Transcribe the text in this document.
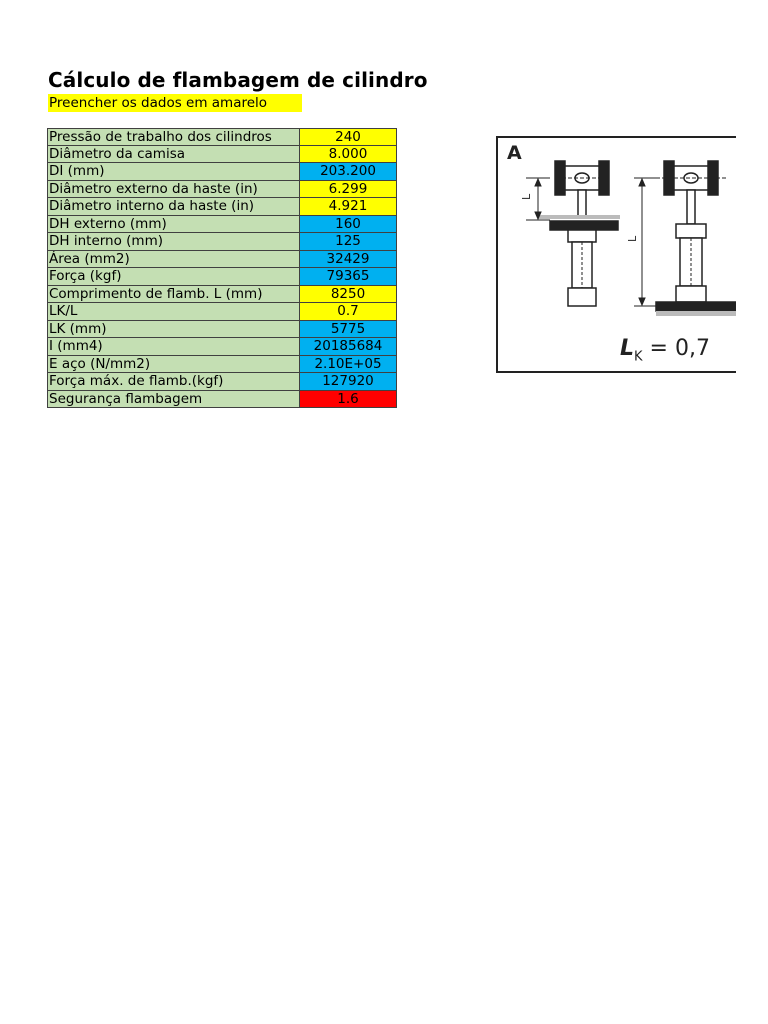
Cálculo de flambagem de cilindro
Preencher os dados em amarelo
Pressão de trabalho dos cilindros	240
Diâmetro da camisa	8.000
DI (mm)	203.200
Diâmetro externo da haste (in)	6.299
Diâmetro interno da haste (in)	4.921
DH externo (mm)	160
DH interno (mm)	125
Área (mm2)	32429
Força (kgf)	79365
Comprimento de flamb. L (mm)	8250
LK/L	0.7
LK (mm)	5775
I (mm4)	20185684
E aço (N/mm2)	2.10E+05
Força máx. de flamb.(kgf)	127920
Segurança flambagem	1.6
L
L
A
$L_K = 0,7$
